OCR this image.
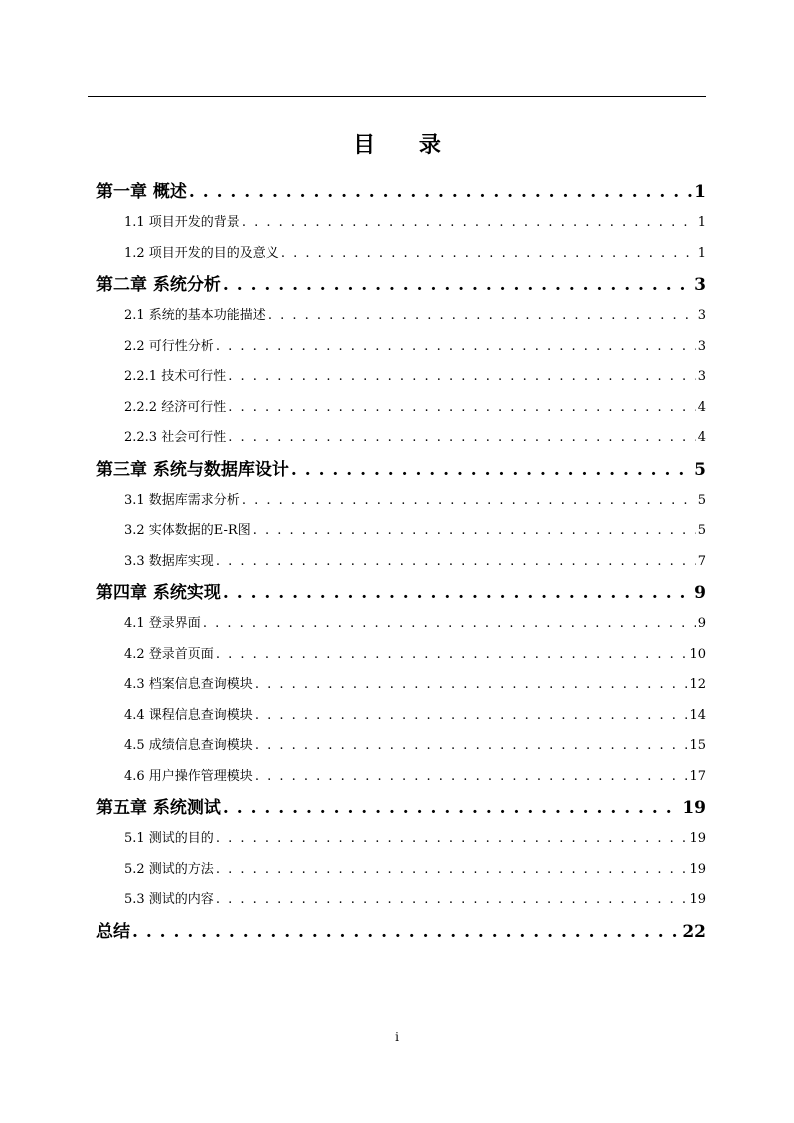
目 录
第一章 概述 . . .	1
1.1 项目开发的背景 . . .	1
1.2 项目开发的目的及意义 . . .	1
第二章 系统分析 . . .	3
2.1 系统的基本功能描述 . . .	3
2.2 可行性分析 . . .	3
2.2.1 技术可行性 . . .	3
2.2.2 经济可行性 . . .	4
2.2.3 社会可行性 . . .	4
第三章 系统与数据库设计 . . .	5
3.1 数据库需求分析 . . .	5
3.2 实体数据的E-R图 . . .	5
3.3 数据库实现 . . .	7
第四章 系统实现 . . .	9
4.1 登录界面 . . .	9
4.2 登录首页面 . . .	10
4.3 档案信息查询模块 . . .	12
4.4 课程信息查询模块 . . .	14
4.5 成绩信息查询模块 . . .	15
4.6 用户操作管理模块 . . .	17
第五章 系统测试 . . .	19
5.1 测试的目的 . . .	19
5.2 测试的方法 . . .	19
5.3 测试的内容 . . .	19
总结 . . .	22
i
